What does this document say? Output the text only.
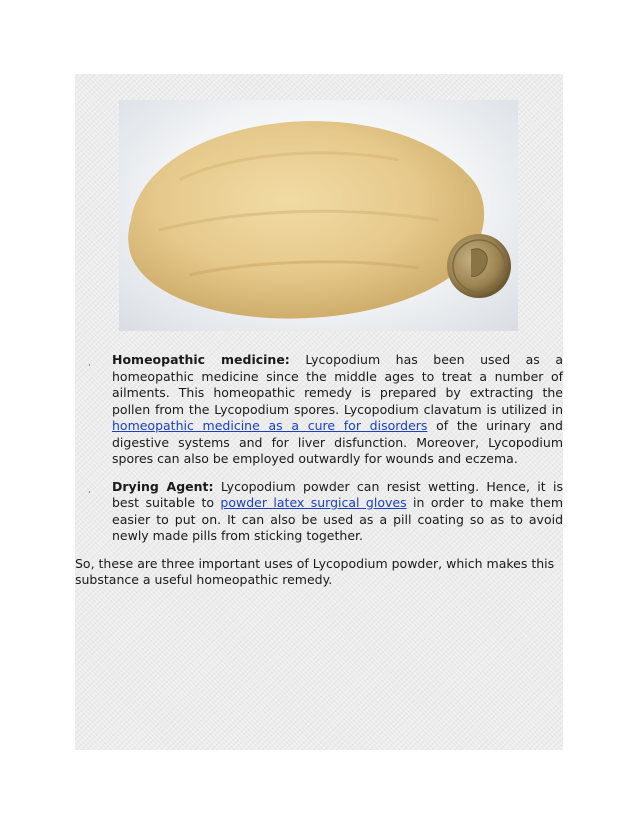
· Homeopathic medicine: Lycopodium has been used as a homeopathic medicine since the middle ages to treat a number of ailments. This homeopathic remedy is prepared by extracting the pollen from the Lycopodium spores. Lycopodium clavatum is utilized in homeopathic medicine as a cure for disorders of the urinary and digestive systems and for liver disfunction. Moreover, Lycopodium spores can also be employed outwardly for wounds and eczema.
· Drying Agent: Lycopodium powder can resist wetting. Hence, it is best suitable to powder latex surgical gloves in order to make them easier to put on. It can also be used as a pill coating so as to avoid newly made pills from sticking together.

So, these are three important uses of Lycopodium powder, which makes this substance a useful homeopathic remedy.
